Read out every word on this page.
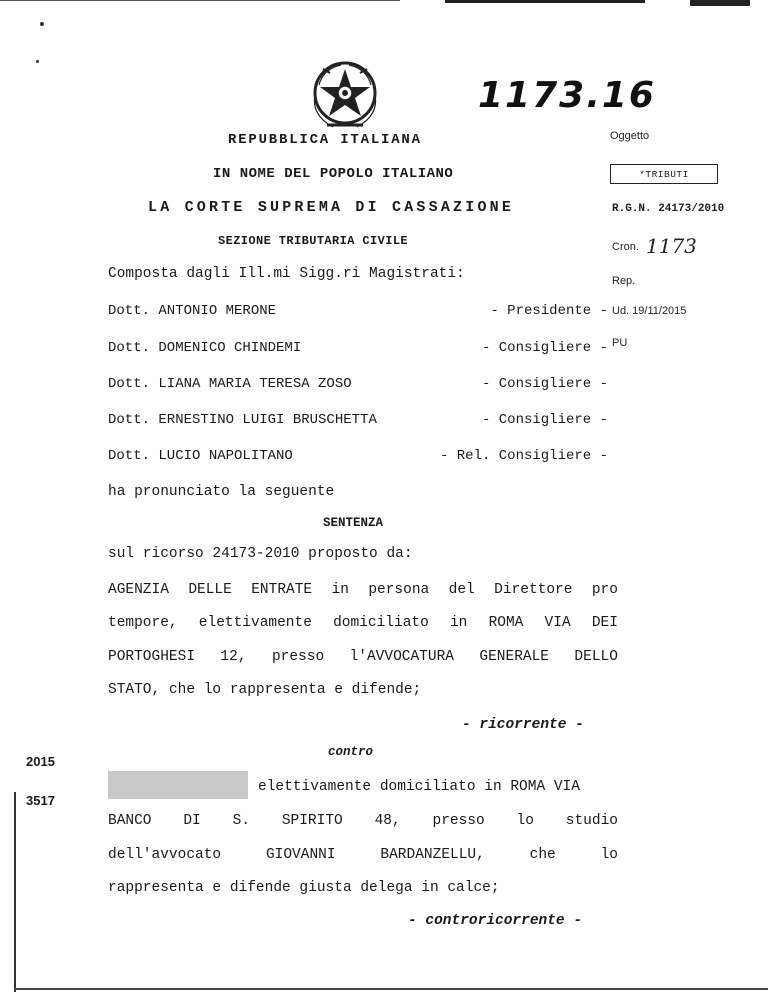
1173.16
REPUBBLICA ITALIANA
IN NOME DEL POPOLO ITALIANO
LA CORTE SUPREMA DI CASSAZIONE
SEZIONE TRIBUTARIA CIVILE
Oggetto
*TRIBUTI
R.G.N. 24173/2010
Cron. 1173
Rep.
Ud. 19/11/2015
PU
Composta dagli Ill.mi Sigg.ri Magistrati:
Dott. ANTONIO MERONE	- Presidente -
Dott. DOMENICO CHINDEMI	- Consigliere -
Dott. LIANA MARIA TERESA ZOSO	- Consigliere -
Dott. ERNESTINO LUIGI BRUSCHETTA	- Consigliere -
Dott. LUCIO NAPOLITANO	- Rel. Consigliere -
ha pronunciato la seguente
SENTENZA
sul ricorso 24173-2010 proposto da:
AGENZIA DELLE ENTRATE in persona del Direttore pro
tempore, elettivamente domiciliato in ROMA VIA DEI
PORTOGHESI 12, presso l'AVVOCATURA GENERALE DELLO
STATO, che lo rappresenta e difende;
- ricorrente -
2015
3517
contro
elettivamente domiciliato in ROMA VIA
BANCO DI S. SPIRITO 48, presso lo studio
dell'avvocato	GIOVANNI	BARDANZELLU,	che	lo
rappresenta e difende giusta delega in calce;
- controricorrente -
